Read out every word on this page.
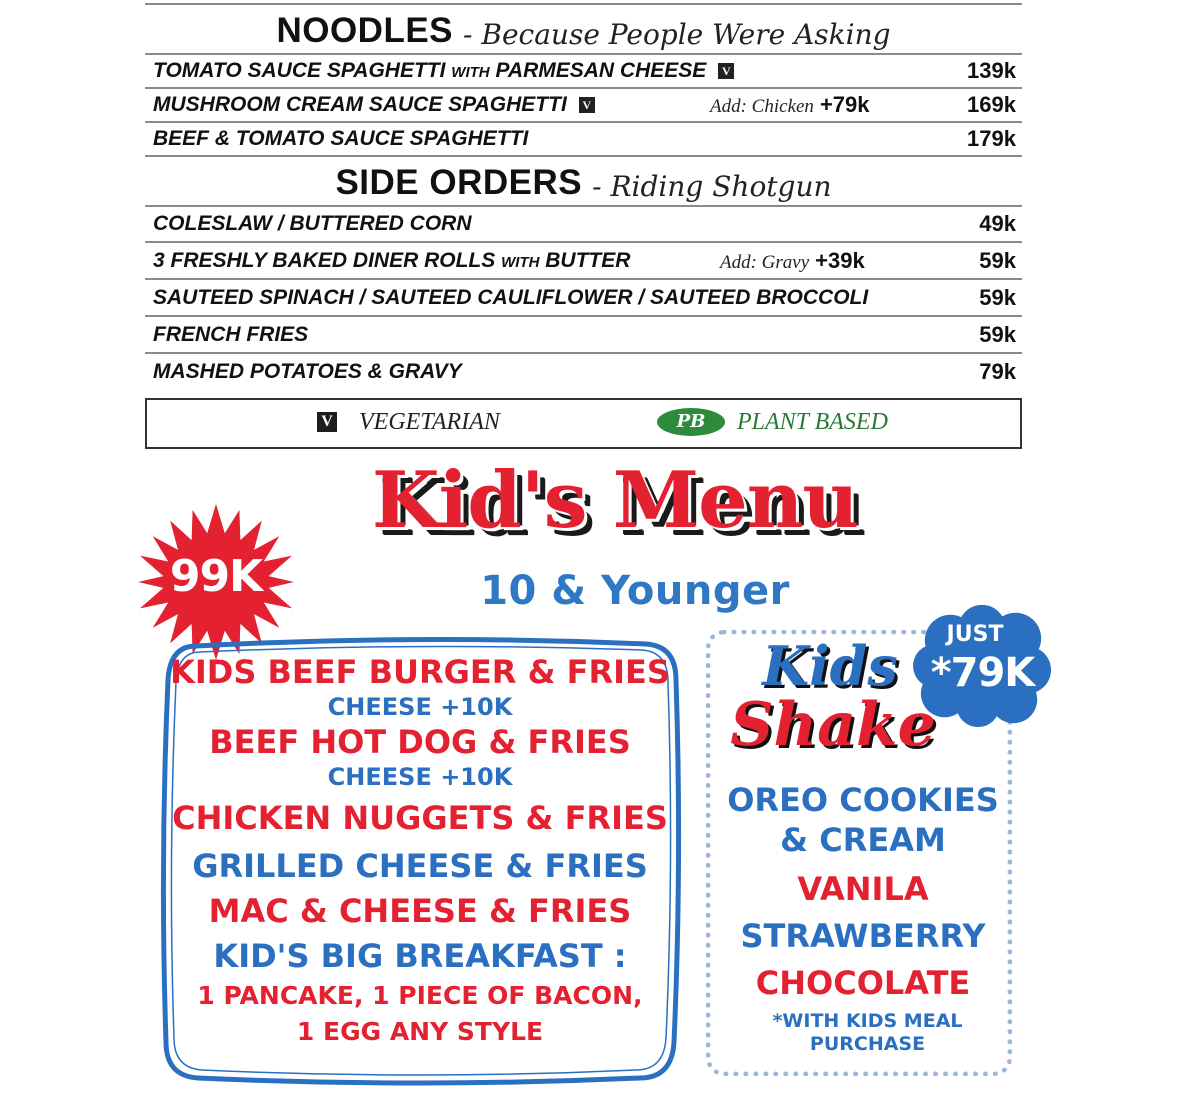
NOODLES - Because People Were Asking
TOMATO SAUCE SPAGHETTI WITH PARMESAN CHEESE V	139k
MUSHROOM CREAM SAUCE SPAGHETTI V	Add: Chicken +79k	169k
BEEF & TOMATO SAUCE SPAGHETTI	179k
SIDE ORDERS - Riding Shotgun
COLESLAW / BUTTERED CORN	49k
3 FRESHLY BAKED DINER ROLLS WITH BUTTER	Add: Gravy +39k	59k
SAUTEED SPINACH / SAUTEED CAULIFLOWER / SAUTEED BROCCOLI	59k
FRENCH FRIES	59k
MASHED POTATOES & GRAVY	79k
V VEGETARIAN	PB	PLANT BASED
Kid's Menu
10 & Younger
99K
KIDS BEEF BURGER & FRIES
CHEESE +10K
BEEF HOT DOG & FRIES
CHEESE +10K
CHICKEN NUGGETS & FRIES
GRILLED CHEESE & FRIES
MAC & CHEESE & FRIES
KID'S BIG BREAKFAST :
1 PANCAKE, 1 PIECE OF BACON,
1 EGG ANY STYLE
JUST
*79K
Kids
Shake
OREO COOKIES
& CREAM
VANILA
STRAWBERRY
CHOCOLATE
*WITH KIDS MEAL
PURCHASE
